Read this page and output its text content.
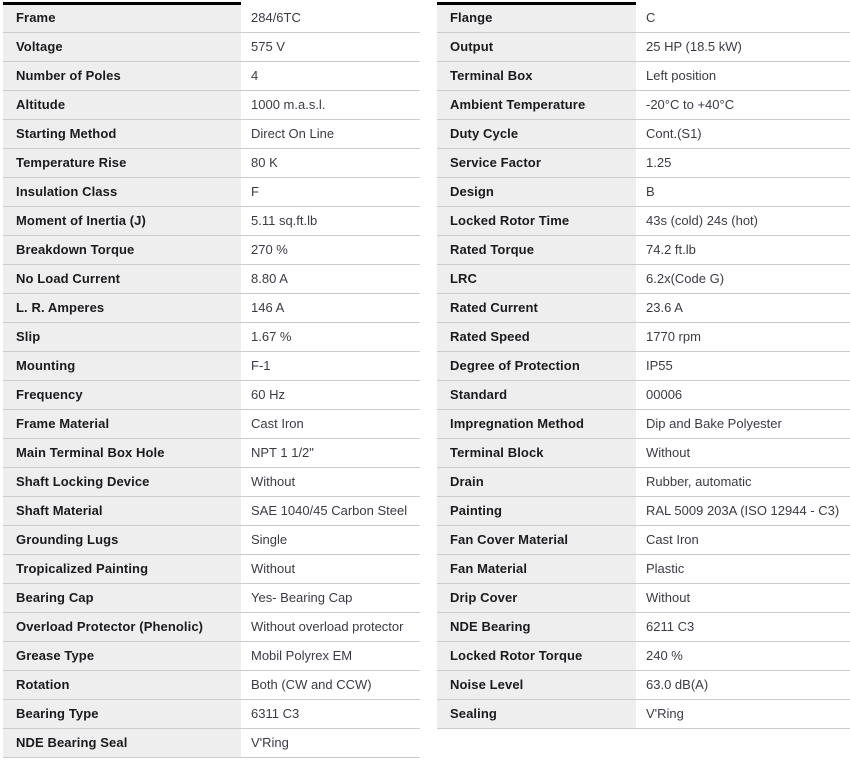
Frame	284/6TC
Voltage	575 V
Number of Poles	4
Altitude	1000 m.a.s.l.
Starting Method	Direct On Line
Temperature Rise	80 K
Insulation Class	F
Moment of Inertia (J)	5.11 sq.ft.lb
Breakdown Torque	270 %
No Load Current	8.80 A
L. R. Amperes	146 A
Slip	1.67 %
Mounting	F-1
Frequency	60 Hz
Frame Material	Cast Iron
Main Terminal Box Hole	NPT 1 1/2"
Shaft Locking Device	Without
Shaft Material	SAE 1040/45 Carbon Steel
Grounding Lugs	Single
Tropicalized Painting	Without
Bearing Cap	Yes- Bearing Cap
Overload Protector (Phenolic)	Without overload protector
Grease Type	Mobil Polyrex EM
Rotation	Both (CW and CCW)
Bearing Type	6311 C3
NDE Bearing Seal	V'Ring
Flange	C
Output	25 HP (18.5 kW)
Terminal Box	Left position
Ambient Temperature	-20°C to +40°C
Duty Cycle	Cont.(S1)
Service Factor	1.25
Design	B
Locked Rotor Time	43s (cold) 24s (hot)
Rated Torque	74.2 ft.lb
LRC	6.2x(Code G)
Rated Current	23.6 A
Rated Speed	1770 rpm
Degree of Protection	IP55
Standard	00006
Impregnation Method	Dip and Bake Polyester
Terminal Block	Without
Drain	Rubber, automatic
Painting	RAL 5009 203A (ISO 12944 - C3)
Fan Cover Material	Cast Iron
Fan Material	Plastic
Drip Cover	Without
NDE Bearing	6211 C3
Locked Rotor Torque	240 %
Noise Level	63.0 dB(A)
Sealing	V'Ring
